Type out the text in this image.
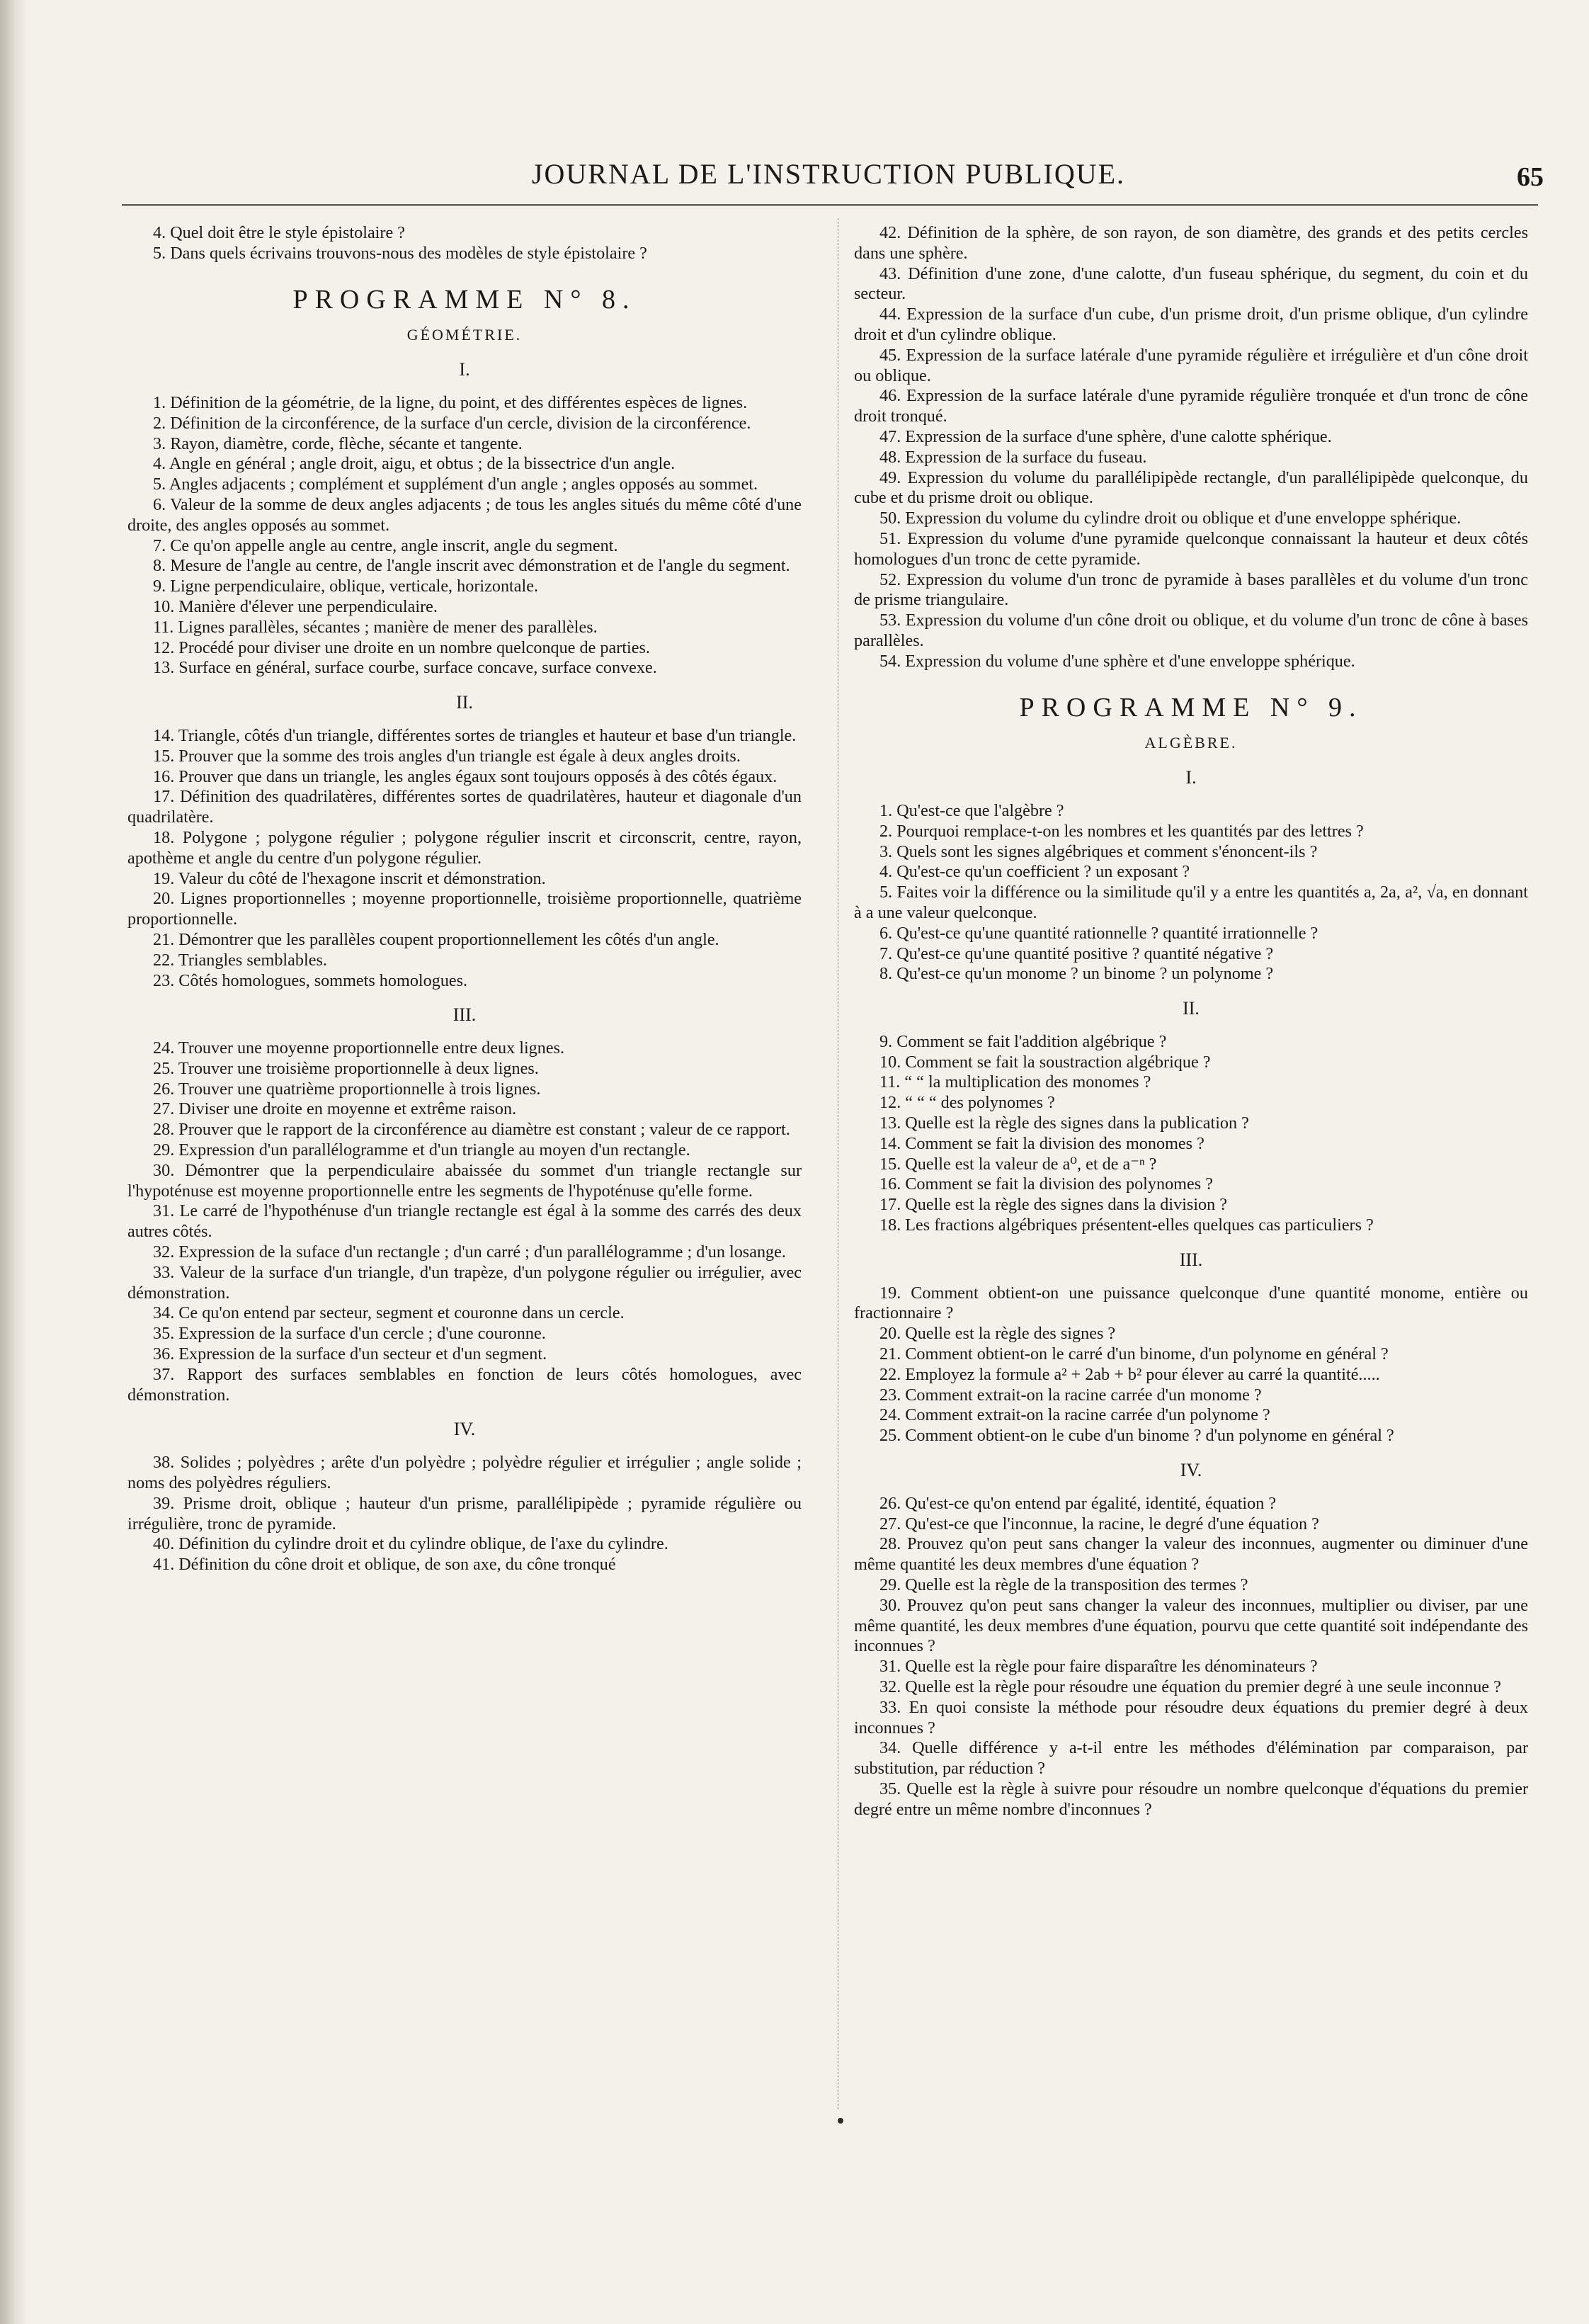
JOURNAL DE L'INSTRUCTION PUBLIQUE.	65

4. Quel doit être le style épistolaire ?

5. Dans quels écrivains trouvons-nous des modèles de style épistolaire ?

PROGRAMME N° 8.
GÉOMÉTRIE.
I.

1. Définition de la géométrie, de la ligne, du point, et des différentes espèces de lignes.

2. Définition de la circonférence, de la surface d'un cercle, division de la circonférence.

3. Rayon, diamètre, corde, flèche, sécante et tangente.

4. Angle en général ; angle droit, aigu, et obtus ; de la bissectrice d'un angle.

5. Angles adjacents ; complément et supplément d'un angle ; angles opposés au sommet.

6. Valeur de la somme de deux angles adjacents ; de tous les angles situés du même côté d'une droite, des angles opposés au sommet.

7. Ce qu'on appelle angle au centre, angle inscrit, angle du segment.

8. Mesure de l'angle au centre, de l'angle inscrit avec démonstration et de l'angle du segment.

9. Ligne perpendiculaire, oblique, verticale, horizontale.

10. Manière d'élever une perpendiculaire.

11. Lignes parallèles, sécantes ; manière de mener des parallèles.

12. Procédé pour diviser une droite en un nombre quelconque de parties.

13. Surface en général, surface courbe, surface concave, surface convexe.

II.

14. Triangle, côtés d'un triangle, différentes sortes de triangles et hauteur et base d'un triangle.

15. Prouver que la somme des trois angles d'un triangle est égale à deux angles droits.

16. Prouver que dans un triangle, les angles égaux sont toujours opposés à des côtés égaux.

17. Définition des quadrilatères, différentes sortes de quadrilatères, hauteur et diagonale d'un quadrilatère.

18. Polygone ; polygone régulier ; polygone régulier inscrit et circonscrit, centre, rayon, apothème et angle du centre d'un polygone régulier.

19. Valeur du côté de l'hexagone inscrit et démonstration.

20. Lignes proportionnelles ; moyenne proportionnelle, troisième proportionnelle, quatrième proportionnelle.

21. Démontrer que les parallèles coupent proportionnellement les côtés d'un angle.

22. Triangles semblables.

23. Côtés homologues, sommets homologues.

III.

24. Trouver une moyenne proportionnelle entre deux lignes.

25. Trouver une troisième proportionnelle à deux lignes.

26. Trouver une quatrième proportionnelle à trois lignes.

27. Diviser une droite en moyenne et extrême raison.

28. Prouver que le rapport de la circonférence au diamètre est constant ; valeur de ce rapport.

29. Expression d'un parallélogramme et d'un triangle au moyen d'un rectangle.

30. Démontrer que la perpendiculaire abaissée du sommet d'un triangle rectangle sur l'hypoténuse est moyenne proportionnelle entre les segments de l'hypoténuse qu'elle forme.

31. Le carré de l'hypothénuse d'un triangle rectangle est égal à la somme des carrés des deux autres côtés.

32. Expression de la suface d'un rectangle ; d'un carré ; d'un parallélogramme ; d'un losange.

33. Valeur de la surface d'un triangle, d'un trapèze, d'un polygone régulier ou irrégulier, avec démonstration.

34. Ce qu'on entend par secteur, segment et couronne dans un cercle.

35. Expression de la surface d'un cercle ; d'une couronne.

36. Expression de la surface d'un secteur et d'un segment.

37. Rapport des surfaces semblables en fonction de leurs côtés homologues, avec démonstration.

IV.

38. Solides ; polyèdres ; arête d'un polyèdre ; polyèdre régulier et irrégulier ; angle solide ; noms des polyèdres réguliers.

39. Prisme droit, oblique ; hauteur d'un prisme, parallélipipède ; pyramide régulière ou irrégulière, tronc de pyramide.

40. Définition du cylindre droit et du cylindre oblique, de l'axe du cylindre.

41. Définition du cône droit et oblique, de son axe, du cône tronqué

42. Définition de la sphère, de son rayon, de son diamètre, des grands et des petits cercles dans une sphère.

43. Définition d'une zone, d'une calotte, d'un fuseau sphérique, du segment, du coin et du secteur.

44. Expression de la surface d'un cube, d'un prisme droit, d'un prisme oblique, d'un cylindre droit et d'un cylindre oblique.

45. Expression de la surface latérale d'une pyramide régulière et irrégulière et d'un cône droit ou oblique.

46. Expression de la surface latérale d'une pyramide régulière tronquée et d'un tronc de cône droit tronqué.

47. Expression de la surface d'une sphère, d'une calotte sphérique.

48. Expression de la surface du fuseau.

49. Expression du volume du parallélipipède rectangle, d'un parallélipipède quelconque, du cube et du prisme droit ou oblique.

50. Expression du volume du cylindre droit ou oblique et d'une enveloppe sphérique.

51. Expression du volume d'une pyramide quelconque connaissant la hauteur et deux côtés homologues d'un tronc de cette pyramide.

52. Expression du volume d'un tronc de pyramide à bases parallèles et du volume d'un tronc de prisme triangulaire.

53. Expression du volume d'un cône droit ou oblique, et du volume d'un tronc de cône à bases parallèles.

54. Expression du volume d'une sphère et d'une enveloppe sphérique.

PROGRAMME N° 9.
ALGÈBRE.
I.

1. Qu'est-ce que l'algèbre ?

2. Pourquoi remplace-t-on les nombres et les quantités par des lettres ?

3. Quels sont les signes algébriques et comment s'énoncent-ils ?

4. Qu'est-ce qu'un coefficient ? un exposant ?

5. Faites voir la différence ou la similitude qu'il y a entre les quantités a, 2a, a², √a, en donnant à a une valeur quelconque.

6. Qu'est-ce qu'une quantité rationnelle ? quantité irrationnelle ?

7. Qu'est-ce qu'une quantité positive ? quantité négative ?

8. Qu'est-ce qu'un monome ? un binome ? un polynome ?

II.

9. Comment se fait l'addition algébrique ?

10. Comment se fait la soustraction algébrique ?

11. “ “ la multiplication des monomes ?

12. “ “ “ des polynomes ?

13. Quelle est la règle des signes dans la publication ?

14. Comment se fait la division des monomes ?

15. Quelle est la valeur de a⁰, et de a⁻ⁿ ?

16. Comment se fait la division des polynomes ?

17. Quelle est la règle des signes dans la division ?

18. Les fractions algébriques présentent-elles quelques cas particuliers ?

III.

19. Comment obtient-on une puissance quelconque d'une quantité monome, entière ou fractionnaire ?

20. Quelle est la règle des signes ?

21. Comment obtient-on le carré d'un binome, d'un polynome en général ?

22. Employez la formule a² + 2ab + b² pour élever au carré la quantité.....

23. Comment extrait-on la racine carrée d'un monome ?

24. Comment extrait-on la racine carrée d'un polynome ?

25. Comment obtient-on le cube d'un binome ? d'un polynome en général ?

IV.

26. Qu'est-ce qu'on entend par égalité, identité, équation ?

27. Qu'est-ce que l'inconnue, la racine, le degré d'une équation ?

28. Prouvez qu'on peut sans changer la valeur des inconnues, augmenter ou diminuer d'une même quantité les deux membres d'une équation ?

29. Quelle est la règle de la transposition des termes ?

30. Prouvez qu'on peut sans changer la valeur des inconnues, multiplier ou diviser, par une même quantité, les deux membres d'une équation, pourvu que cette quantité soit indépendante des inconnues ?

31. Quelle est la règle pour faire disparaître les dénominateurs ?

32. Quelle est la règle pour résoudre une équation du premier degré à une seule inconnue ?

33. En quoi consiste la méthode pour résoudre deux équations du premier degré à deux inconnues ?

34. Quelle différence y a-t-il entre les méthodes d'élémination par comparaison, par substitution, par réduction ?

35. Quelle est la règle à suivre pour résoudre un nombre quelconque d'équations du premier degré entre un même nombre d'inconnues ?
